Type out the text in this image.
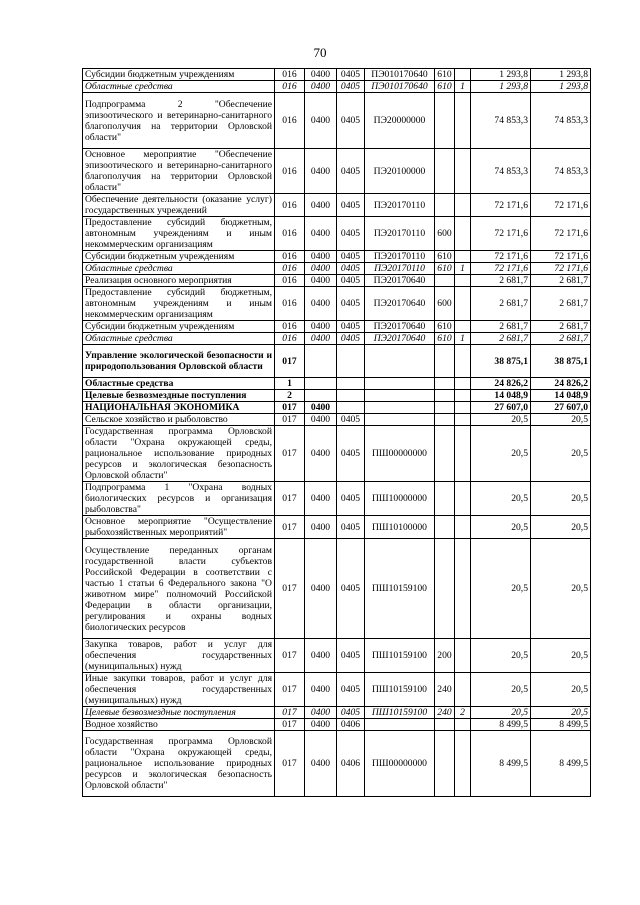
70
Субсидии бюджетным учреждениям	016	0400	0405	ПЭ010170640	610		1 293,8	1 293,8
Областные средства	016	0400	0405	ПЭ010170640	610	1	1 293,8	1 293,8
Подпрограмма 2 "Обеспечение эпизоотического и ветеринарно-санитарного благополучия на территории Орловской области"	016	0400	0405	ПЭ20000000			74 853,3	74 853,3
Основное мероприятие "Обеспечение эпизоотического и ветеринарно-санитарного благополучия на территории Орловской области"	016	0400	0405	ПЭ20100000			74 853,3	74 853,3
Обеспечение деятельности (оказание услуг) государственных учреждений	016	0400	0405	ПЭ20170110			72 171,6	72 171,6
Предоставление субсидий бюджетным, автономным учреждениям и иным некоммерческим организациям	016	0400	0405	ПЭ20170110	600		72 171,6	72 171,6
Субсидии бюджетным учреждениям	016	0400	0405	ПЭ20170110	610		72 171,6	72 171,6
Областные средства	016	0400	0405	ПЭ20170110	610	1	72 171,6	72 171,6
Реализация основного мероприятия	016	0400	0405	ПЭ20170640			2 681,7	2 681,7
Предоставление субсидий бюджетным, автономным учреждениям и иным некоммерческим организациям	016	0400	0405	ПЭ20170640	600		2 681,7	2 681,7
Субсидии бюджетным учреждениям	016	0400	0405	ПЭ20170640	610		2 681,7	2 681,7
Областные средства	016	0400	0405	ПЭ20170640	610	1	2 681,7	2 681,7
Управление экологической безопасности и природопользования Орловской области	017						38 875,1	38 875,1
Областные средства	1						24 826,2	24 826,2
Целевые безвозмездные поступления	2						14 048,9	14 048,9
НАЦИОНАЛЬНАЯ ЭКОНОМИКА	017	0400					27 607,0	27 607,0
Сельское хозяйство и рыболовство	017	0400	0405				20,5	20,5
Государственная программа Орловской области "Охрана окружающей среды, рациональное использование природных ресурсов и экологическая безопасность Орловской области"	017	0400	0405	ПШ00000000			20,5	20,5
Подпрограмма 1 "Охрана водных биологических ресурсов и организация рыболовства"	017	0400	0405	ПШ10000000			20,5	20,5
Основное мероприятие "Осуществление рыбохозяйственных мероприятий"	017	0400	0405	ПШ10100000			20,5	20,5
Осуществление переданных органам государственной власти субъектов Российской Федерации в соответствии с частью 1 статьи 6 Федерального закона "О животном мире" полномочий Российской Федерации в области организации, регулирования и охраны водных биологических ресурсов	017	0400	0405	ПШ10159100			20,5	20,5
Закупка товаров, работ и услуг для обеспечения государственных (муниципальных) нужд	017	0400	0405	ПШ10159100	200		20,5	20,5
Иные закупки товаров, работ и услуг для обеспечения государственных (муниципальных) нужд	017	0400	0405	ПШ10159100	240		20,5	20,5
Целевые безвозмездные поступления	017	0400	0405	ПШ10159100	240	2	20,5	20,5
Водное хозяйство	017	0400	0406				8 499,5	8 499,5
Государственная программа Орловской области "Охрана окружающей среды, рациональное использование природных ресурсов и экологическая безопасность Орловской области"	017	0400	0406	ПШ00000000			8 499,5	8 499,5
